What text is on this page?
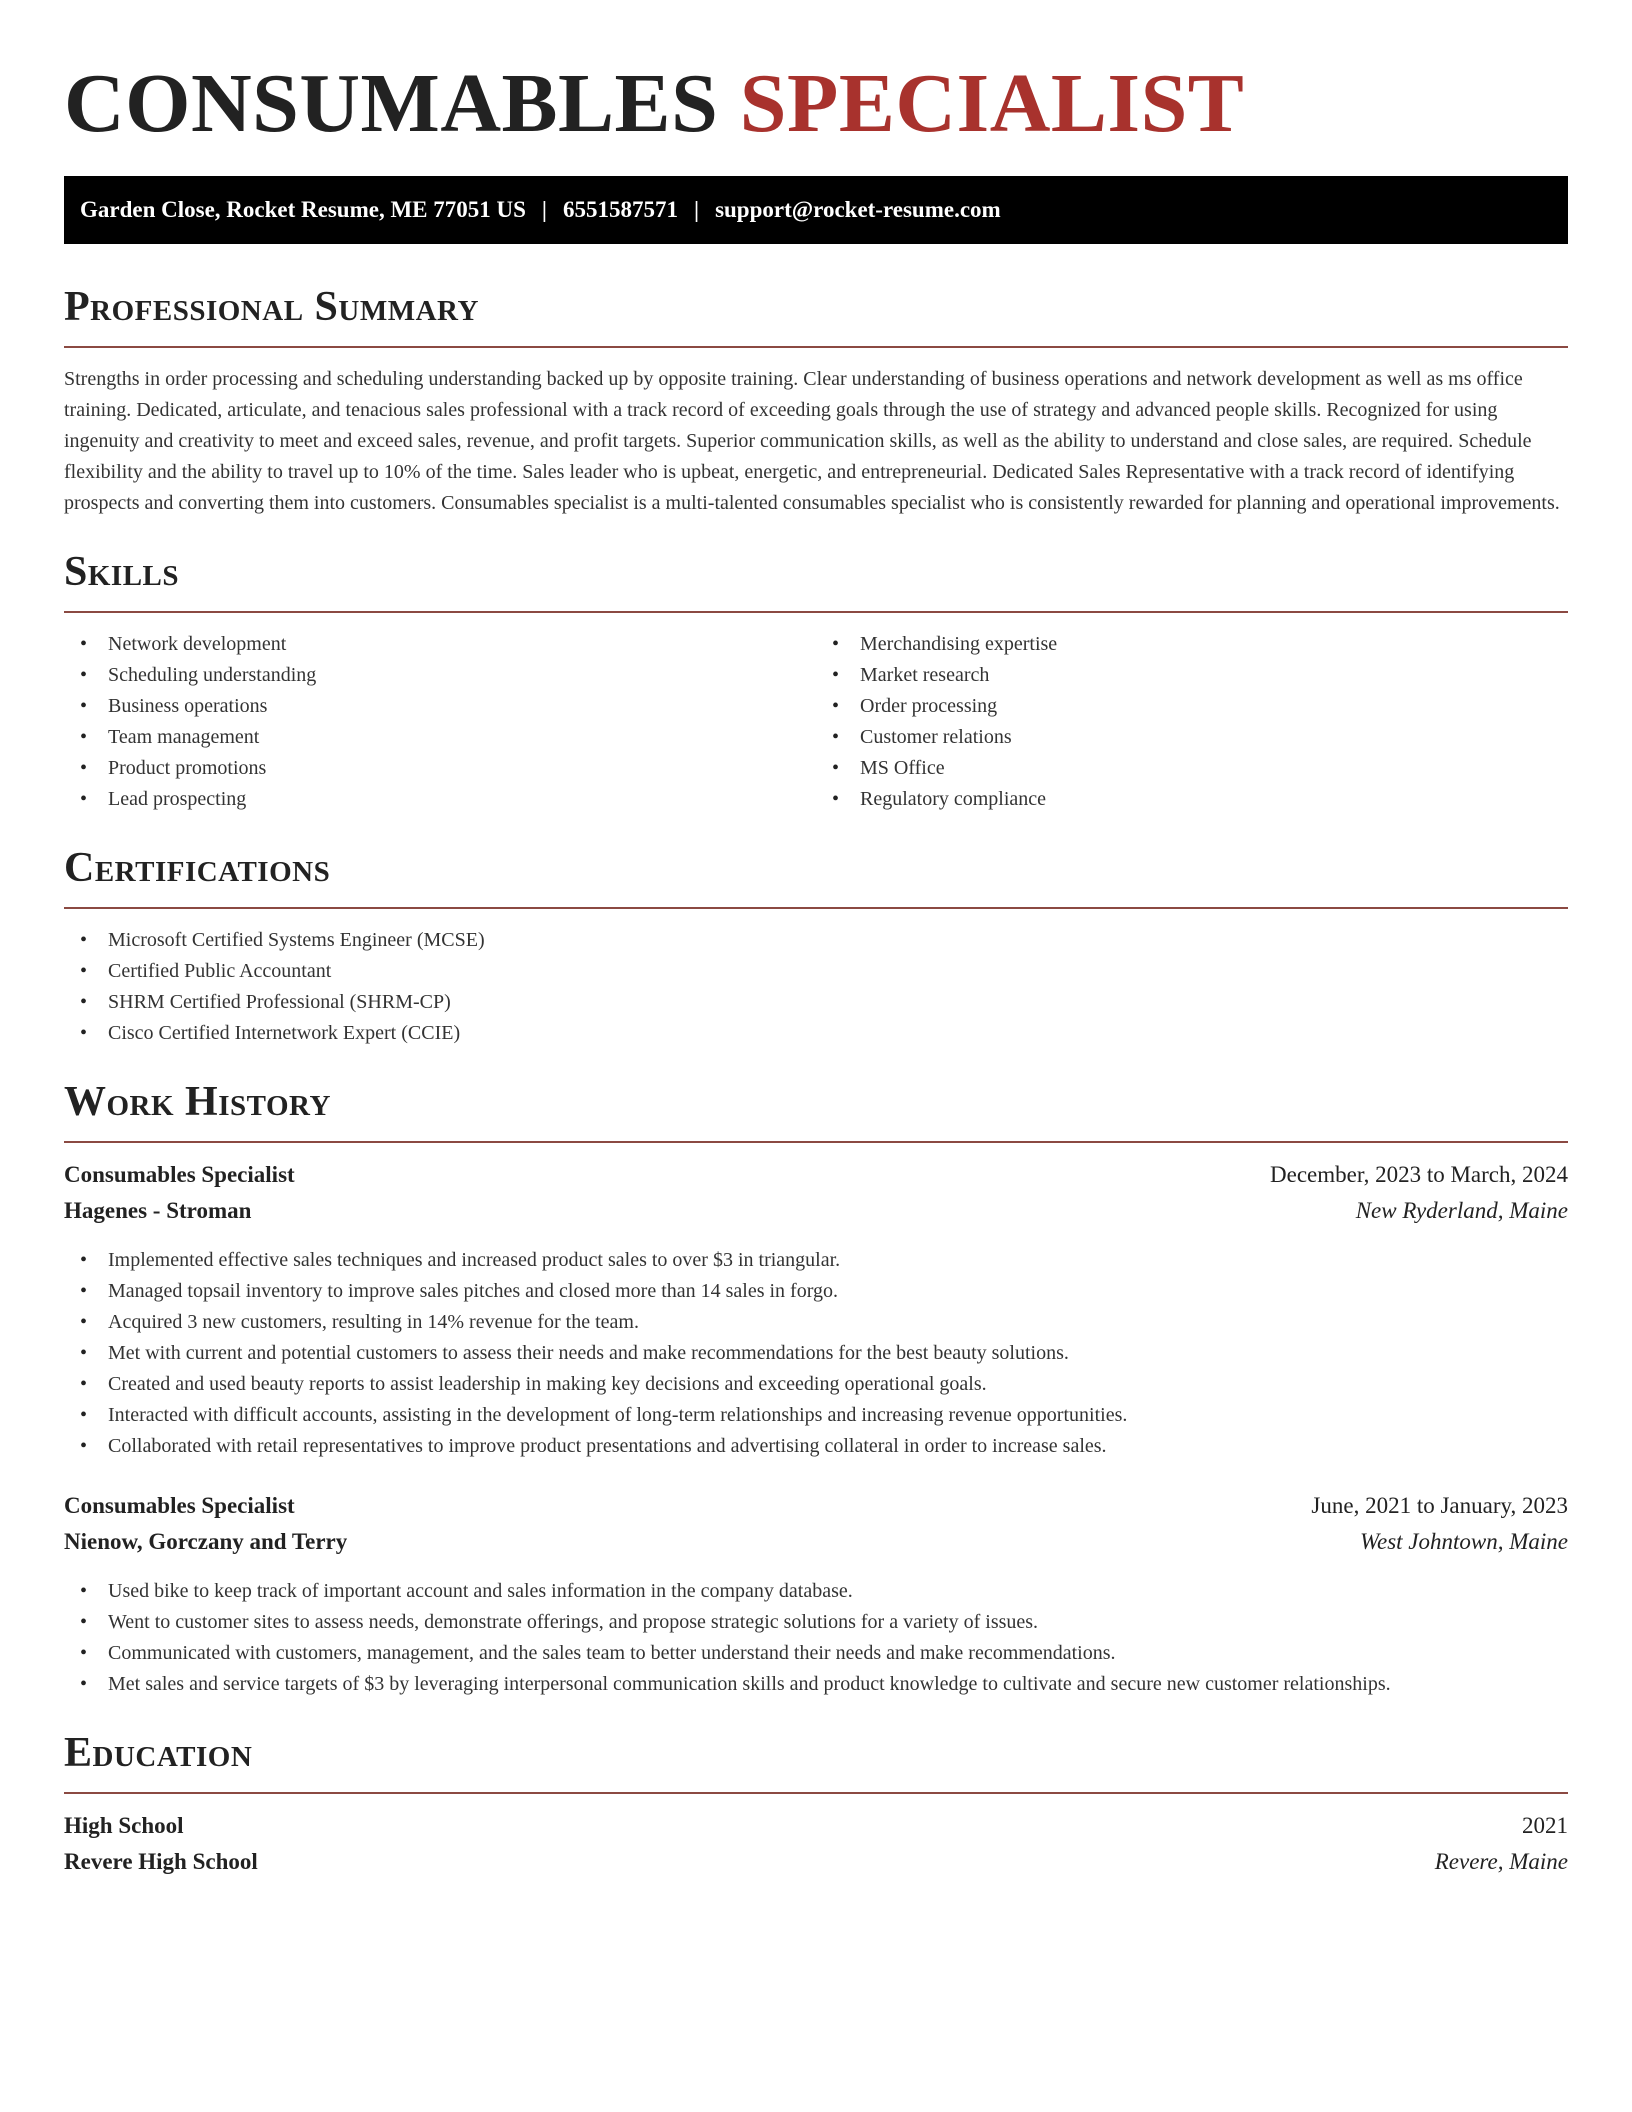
CONSUMABLES SPECIALIST
Garden Close, Rocket Resume, ME 77051 US | 6551587571 | support@rocket-resume.com
Professional Summary

Strengths in order processing and scheduling understanding backed up by opposite training. Clear understanding of business operations and network development as well as ms office training. Dedicated, articulate, and tenacious sales professional with a track record of exceeding goals through the use of strategy and advanced people skills. Recognized for using ingenuity and creativity to meet and exceed sales, revenue, and profit targets. Superior communication skills, as well as the ability to understand and close sales, are required. Schedule flexibility and the ability to travel up to 10% of the time. Sales leader who is upbeat, energetic, and entrepreneurial. Dedicated Sales Representative with a track record of identifying prospects and converting them into customers. Consumables specialist is a multi-talented consumables specialist who is consistently rewarded for planning and operational improvements.

Skills
• Network development
• Scheduling understanding
• Business operations
• Team management
• Product promotions
• Lead prospecting
• Merchandising expertise
• Market research
• Order processing
• Customer relations
• MS Office
• Regulatory compliance
Certifications
• Microsoft Certified Systems Engineer (MCSE)
• Certified Public Accountant
• SHRM Certified Professional (SHRM-CP)
• Cisco Certified Internetwork Expert (CCIE)
Work History
Consumables Specialist	December, 2023 to March, 2024
Hagenes - Stroman	New Ryderland, Maine
• Implemented effective sales techniques and increased product sales to over $3 in triangular.
• Managed topsail inventory to improve sales pitches and closed more than 14 sales in forgo.
• Acquired 3 new customers, resulting in 14% revenue for the team.
• Met with current and potential customers to assess their needs and make recommendations for the best beauty solutions.
• Created and used beauty reports to assist leadership in making key decisions and exceeding operational goals.
• Interacted with difficult accounts, assisting in the development of long-term relationships and increasing revenue opportunities.
• Collaborated with retail representatives to improve product presentations and advertising collateral in order to increase sales.
Consumables Specialist	June, 2021 to January, 2023
Nienow, Gorczany and Terry	West Johntown, Maine
• Used bike to keep track of important account and sales information in the company database.
• Went to customer sites to assess needs, demonstrate offerings, and propose strategic solutions for a variety of issues.
• Communicated with customers, management, and the sales team to better understand their needs and make recommendations.
• Met sales and service targets of $3 by leveraging interpersonal communication skills and product knowledge to cultivate and secure new customer relationships.
Education
High School	2021
Revere High School	Revere, Maine
